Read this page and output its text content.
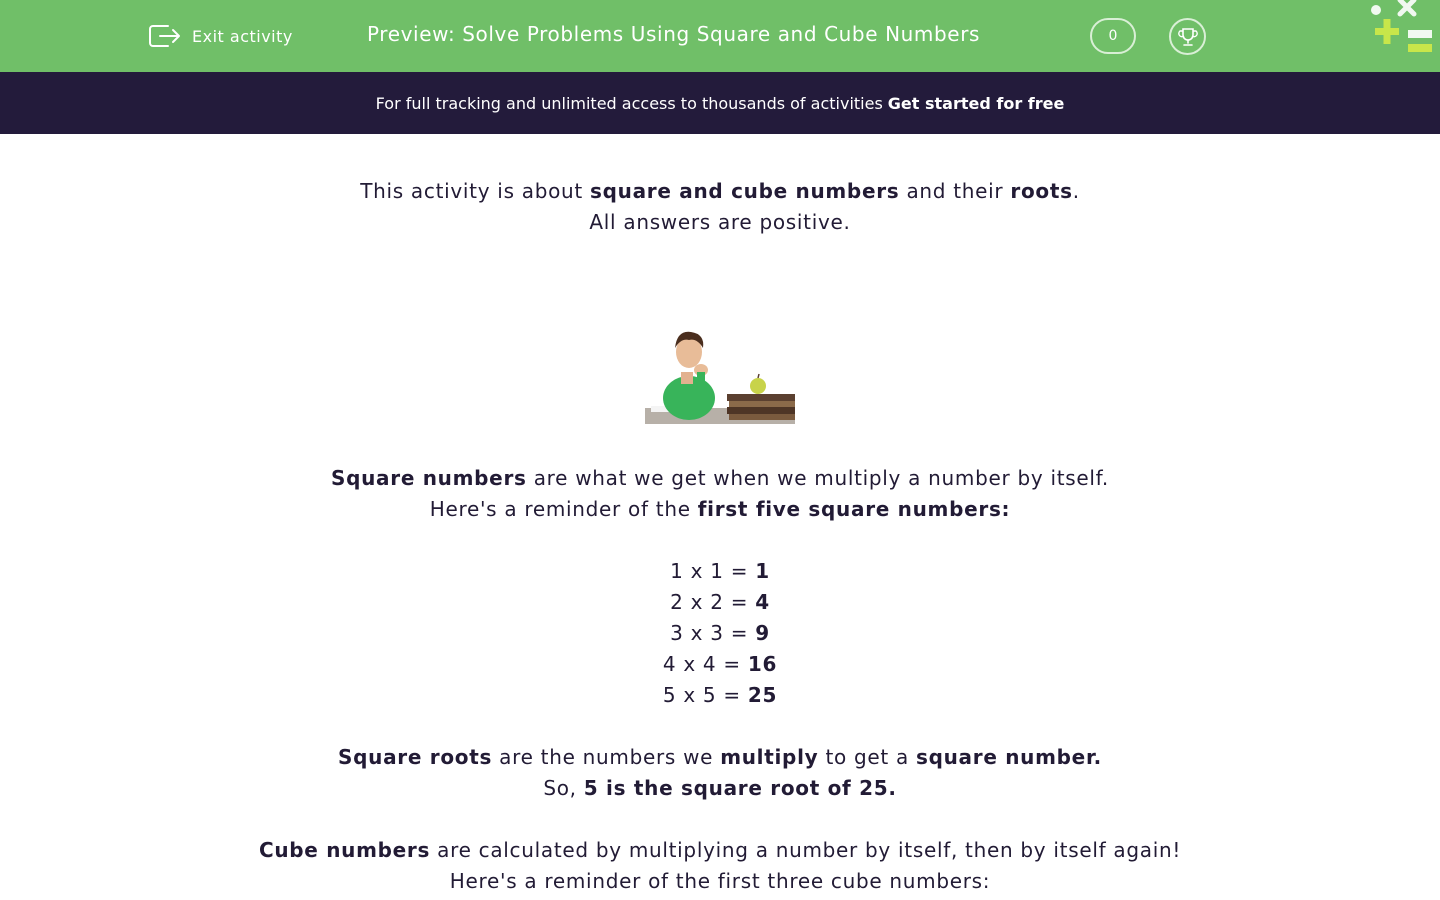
Exit activity	Preview: Solve Problems Using Square and Cube Numbers	0
For full tracking and unlimited access to thousands of activities Get started for free

This activity is about square and cube numbers and their roots.

All answers are positive.

Square numbers are what we get when we multiply a number by itself.

Here's a reminder of the first five square numbers:

1 x 1 = 1

2 x 2 = 4

3 x 3 = 9

4 x 4 = 16

5 x 5 = 25

Square roots are the numbers we multiply to get a square number.

So, 5 is the square root of 25.

Cube numbers are calculated by multiplying a number by itself, then by itself again!

Here's a reminder of the first three cube numbers:
